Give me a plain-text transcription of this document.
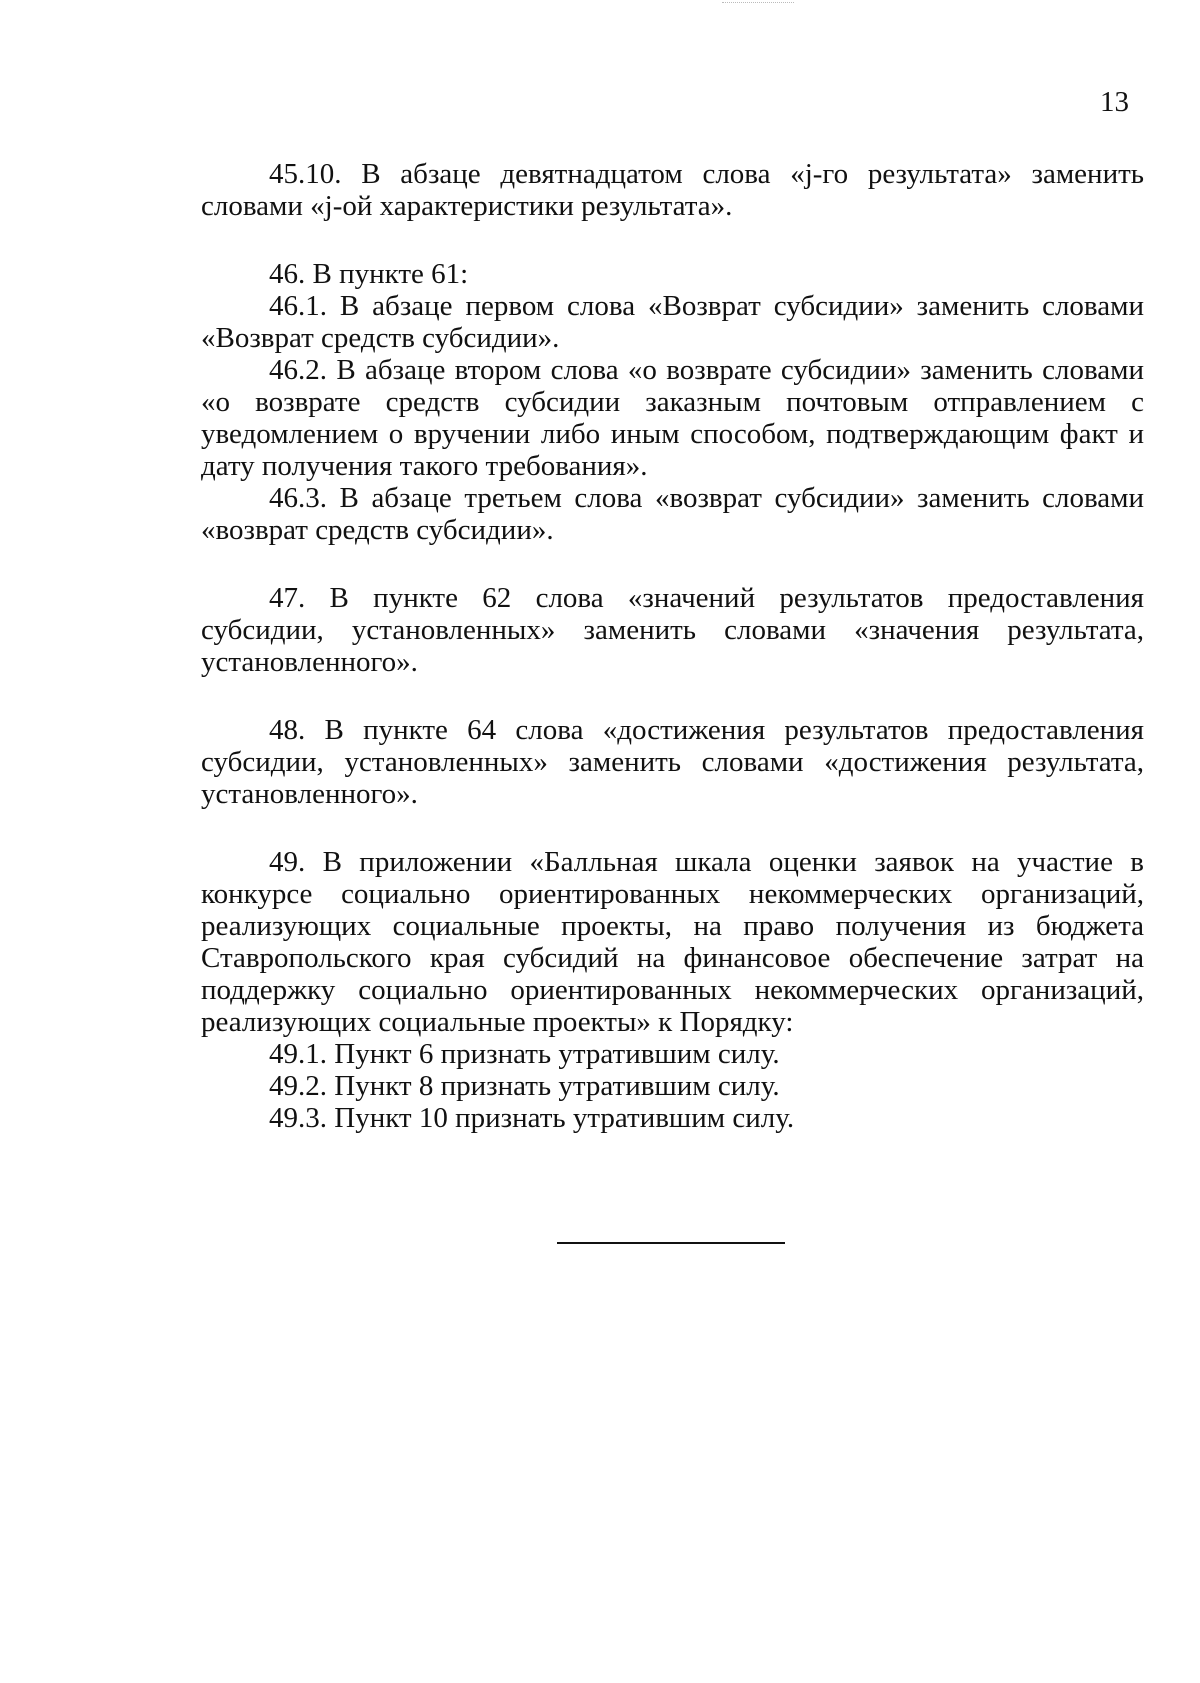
13

45.10. В абзаце девятнадцатом слова «j-го результата» заменить словами «j-ой характеристики результата».

46. В пункте 61:

46.1. В абзаце первом слова «Возврат субсидии» заменить словами «Возврат средств субсидии».

46.2. В абзаце втором слова «о возврате субсидии» заменить словами «о возврате средств субсидии заказным почтовым отправлением с уведомлением о вручении либо иным способом, подтверждающим факт и дату получения такого требования».

46.3. В абзаце третьем слова «возврат субсидии» заменить словами «возврат средств субсидии».

47. В пункте 62 слова «значений результатов предоставления субсидии, установленных» заменить словами «значения результата, установленного».

48. В пункте 64 слова «достижения результатов предоставления субсидии, установленных» заменить словами «достижения результата, установленного».

49. В приложении «Балльная шкала оценки заявок на участие в конкурсе социально ориентированных некоммерческих организаций, реализующих социальные проекты, на право получения из бюджета Ставропольского края субсидий на финансовое обеспечение затрат на поддержку социально ориентированных некоммерческих организаций, реализующих социальные проекты» к Порядку:

49.1. Пункт 6 признать утратившим силу.

49.2. Пункт 8 признать утратившим силу.

49.3. Пункт 10 признать утратившим силу.
